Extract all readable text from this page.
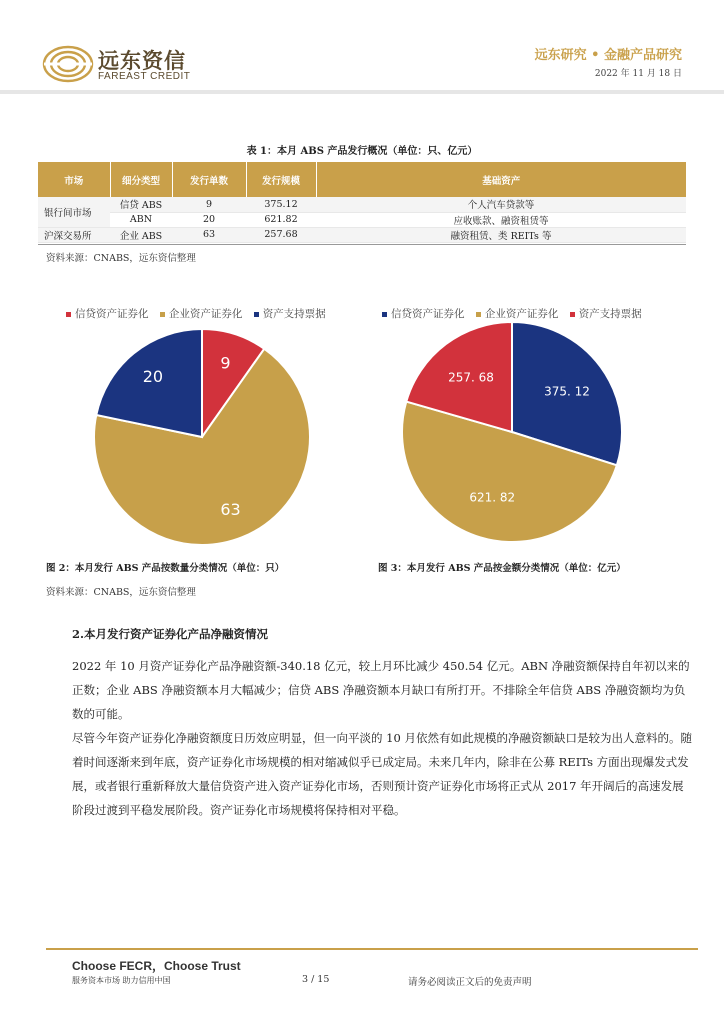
远东资信
FAREAST CREDIT
远东研究 • 金融产品研究
2022 年 11 月 18 日
表 1：本月 ABS 产品发行概况（单位：只、亿元）
市场	细分类型	发行单数	发行规模	基础资产
银行间市场	信贷 ABS	9	375.12	个人汽车贷款等
	ABN	20	621.82	应收账款、融资租赁等
沪深交易所	企业 ABS	63	257.68	融资租赁、类 REITs 等
资料来源：CNABS，远东资信整理
信贷资产证券化 企业资产证券化 资产支持票据
9
63
20
信贷资产证券化 企业资产证券化 资产支持票据
375. 12
621. 82
257. 68
图 2：本月发行 ABS 产品按数量分类情况（单位：只）	图 3：本月发行 ABS 产品按金额分类情况（单位：亿元）
资料来源：CNABS，远东资信整理
2.本月发行资产证券化产品净融资情况
2022 年 10 月资产证券化产品净融资额-340.18 亿元，较上月环比减少 450.54 亿元。ABN 净融资额保持自年初以来的正数；企业 ABS 净融资额本月大幅减少；信贷 ABS 净融资额本月缺口有所打开。不排除全年信贷 ABS 净融资额均为负数的可能。
尽管今年资产证券化净融资额度日历效应明显，但一向平淡的 10 月依然有如此规模的净融资额缺口是较为出人意料的。随着时间逐渐来到年底，资产证券化市场规模的相对缩减似乎已成定局。未来几年内，除非在公募 REITs 方面出现爆发式发展，或者银行重新释放大量信贷资产进入资产证券化市场，否则预计资产证券化市场将正式从 2017 年开阔后的高速发展阶段过渡到平稳发展阶段。资产证券化市场规模将保持相对平稳。
Choose FECR，Choose Trust
服务资本市场 助力信用中国	3 / 15	请务必阅读正文后的免责声明
